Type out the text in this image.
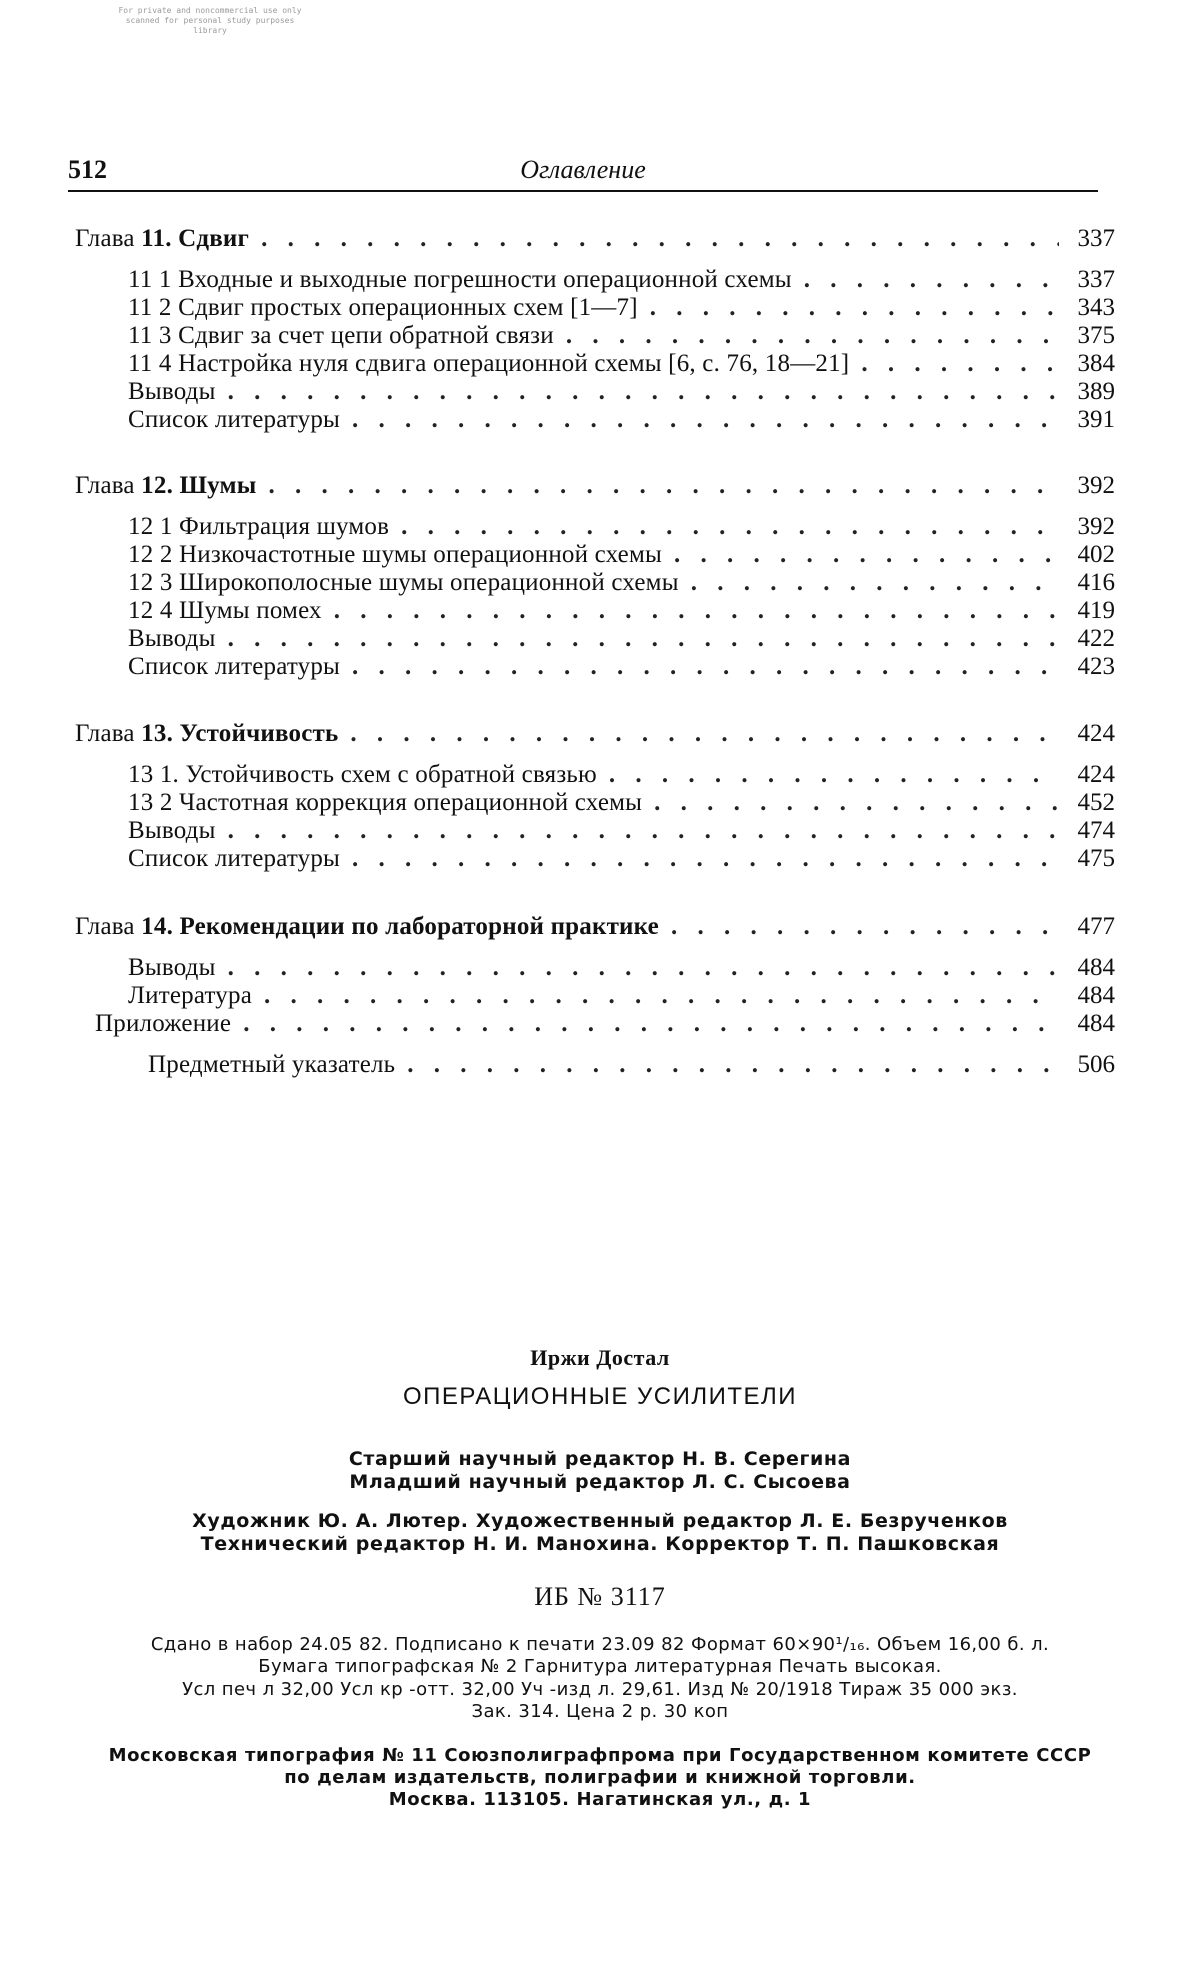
For private and noncommercial use only
scanned for personal study purposes
library
512	Оглавление
Глава 11. Сдвиг . . .	337
11 1 Входные и выходные погрешности операционной схемы . . .	337
11 2 Сдвиг простых операционных схем [1—7] . . .	343
11 3 Сдвиг за счет цепи обратной связи . . .	375
11 4 Настройка нуля сдвига операционной схемы [6, с. 76, 18—21] . . .	384
Выводы . . .	389
Список литературы . . .	391
Глава 12. Шумы . . .	392
12 1 Фильтрация шумов . . .	392
12 2 Низкочастотные шумы операционной схемы . . .	402
12 3 Широкополосные шумы операционной схемы . . .	416
12 4 Шумы помех . . .	419
Выводы . . .	422
Список литературы . . .	423
Глава 13. Устойчивость . . .	424
13 1. Устойчивость схем с обратной связью . . .	424
13 2 Частотная коррекция операционной схемы . . .	452
Выводы . . .	474
Список литературы . . .	475
Глава 14. Рекомендации по лабораторной практике . . .	477
Выводы . . .	484
Литература . . .	484
Приложение . . .	484
Предметный указатель . . .	506
Иржи Достал
ОПЕРАЦИОННЫЕ УСИЛИТЕЛИ
Старший научный редактор Н. В. Серегина
Младший научный редактор Л. С. Сысоева
Художник Ю. А. Лютер. Художественный редактор Л. Е. Безрученков
Технический редактор Н. И. Манохина. Корректор Т. П. Пашковская
ИБ № 3117
Сдано в набор 24.05 82. Подписано к печати 23.09 82 Формат 60×90¹/₁₆. Объем 16,00 б. л.
Бумага типографская № 2 Гарнитура литературная Печать высокая.
Усл печ л 32,00 Усл кр -отт. 32,00 Уч -изд л. 29,61. Изд № 20/1918 Тираж 35 000 экз.
Зак. 314. Цена 2 р. 30 коп
Московская типография № 11 Союзполиграфпрома при Государственном комитете СССР
по делам издательств, полиграфии и книжной торговли.
Москва. 113105. Нагатинская ул., д. 1
